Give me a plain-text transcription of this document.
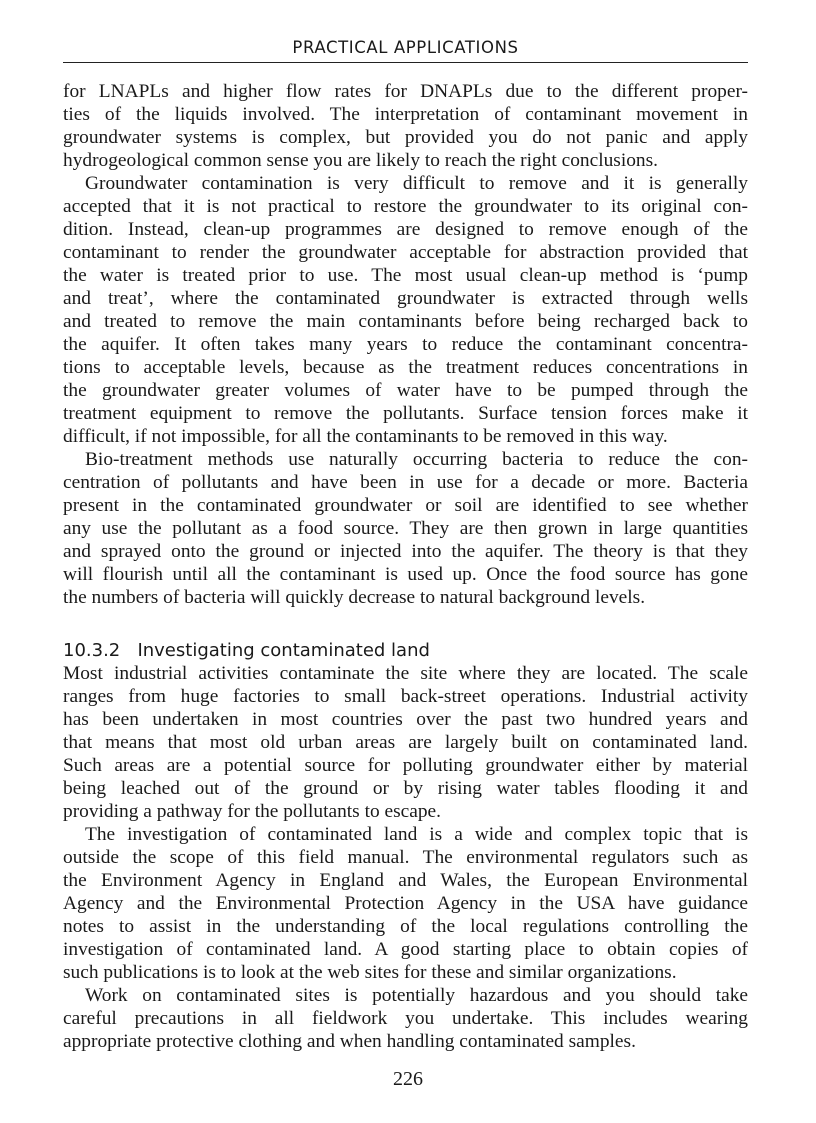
PRACTICAL APPLICATIONS
for LNAPLs and higher flow rates for DNAPLs due to the different proper-
ties of the liquids involved. The interpretation of contaminant movement in
groundwater systems is complex, but provided you do not panic and apply
hydrogeological common sense you are likely to reach the right conclusions.
Groundwater contamination is very difficult to remove and it is generally
accepted that it is not practical to restore the groundwater to its original con-
dition. Instead, clean-up programmes are designed to remove enough of the
contaminant to render the groundwater acceptable for abstraction provided that
the water is treated prior to use. The most usual clean-up method is ‘pump
and treat’, where the contaminated groundwater is extracted through wells
and treated to remove the main contaminants before being recharged back to
the aquifer. It often takes many years to reduce the contaminant concentra-
tions to acceptable levels, because as the treatment reduces concentrations in
the groundwater greater volumes of water have to be pumped through the
treatment equipment to remove the pollutants. Surface tension forces make it
difficult, if not impossible, for all the contaminants to be removed in this way.
Bio-treatment methods use naturally occurring bacteria to reduce the con-
centration of pollutants and have been in use for a decade or more. Bacteria
present in the contaminated groundwater or soil are identified to see whether
any use the pollutant as a food source. They are then grown in large quantities
and sprayed onto the ground or injected into the aquifer. The theory is that they
will flourish until all the contaminant is used up. Once the food source has gone
the numbers of bacteria will quickly decrease to natural background levels.
10.3.2 Investigating contaminated land
Most industrial activities contaminate the site where they are located. The scale
ranges from huge factories to small back-street operations. Industrial activity
has been undertaken in most countries over the past two hundred years and
that means that most old urban areas are largely built on contaminated land.
Such areas are a potential source for polluting groundwater either by material
being leached out of the ground or by rising water tables flooding it and
providing a pathway for the pollutants to escape.
The investigation of contaminated land is a wide and complex topic that is
outside the scope of this field manual. The environmental regulators such as
the Environment Agency in England and Wales, the European Environmental
Agency and the Environmental Protection Agency in the USA have guidance
notes to assist in the understanding of the local regulations controlling the
investigation of contaminated land. A good starting place to obtain copies of
such publications is to look at the web sites for these and similar organizations.
Work on contaminated sites is potentially hazardous and you should take
careful precautions in all fieldwork you undertake. This includes wearing
appropriate protective clothing and when handling contaminated samples.
226
